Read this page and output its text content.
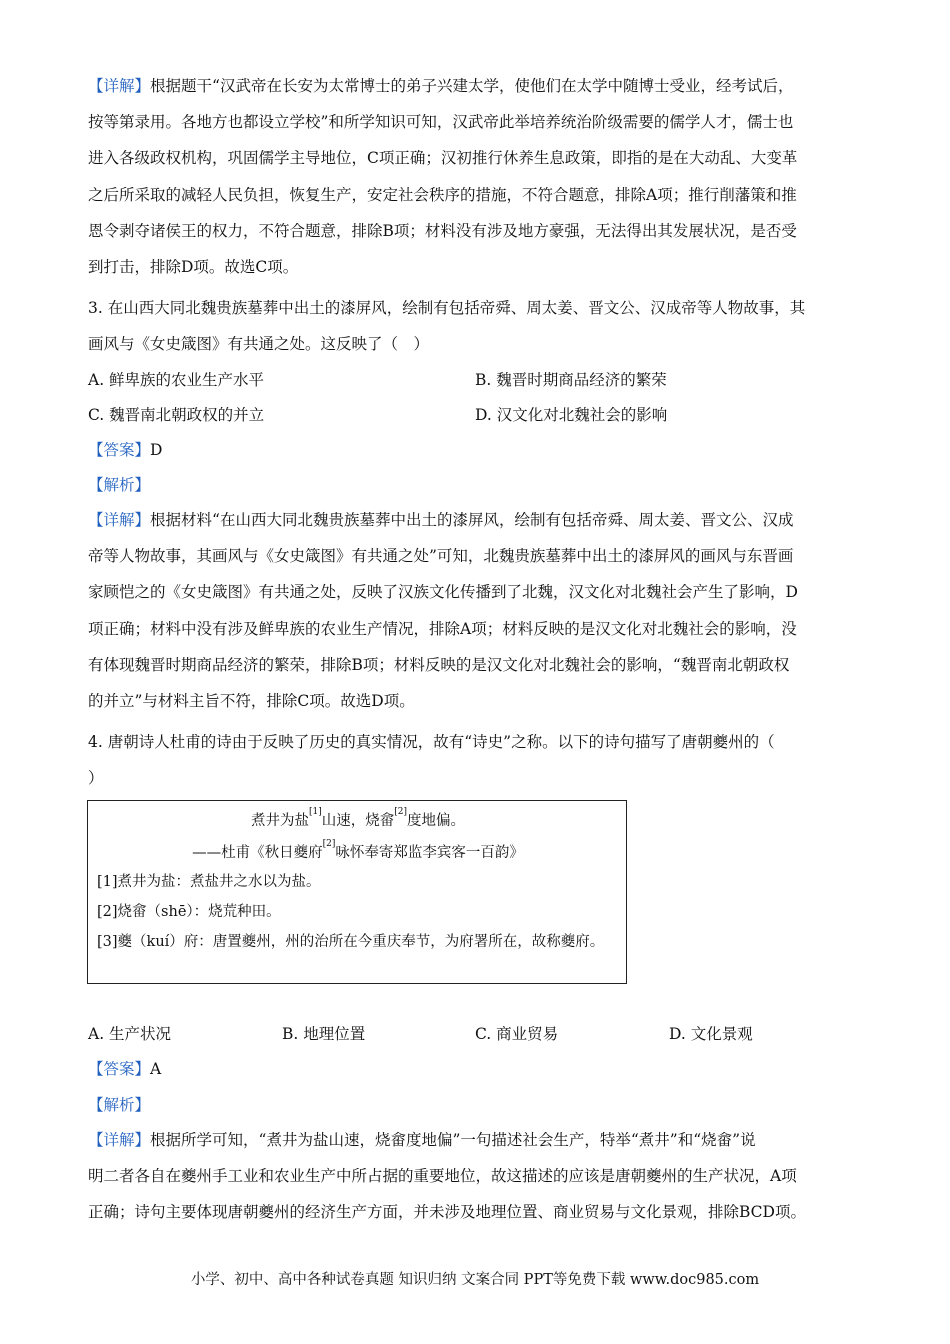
【详解】根据题干“汉武帝在长安为太常博士的弟子兴建太学，使他们在太学中随博士受业，经考试后，
按等第录用。各地方也都设立学校”和所学知识可知，汉武帝此举培养统治阶级需要的儒学人才，儒士也
进入各级政权机构，巩固儒学主导地位，C项正确；汉初推行休养生息政策，即指的是在大动乱、大变革
之后所采取的减轻人民负担，恢复生产，安定社会秩序的措施，不符合题意，排除A项；推行削藩策和推
恩令剥夺诸侯王的权力，不符合题意，排除B项；材料没有涉及地方豪强，无法得出其发展状况，是否受
到打击，排除D项。故选C项。
3. 在山西大同北魏贵族墓葬中出土的漆屏风，绘制有包括帝舜、周太姜、晋文公、汉成帝等人物故事，其
画风与《女史箴图》有共通之处。这反映了（　）
A. 鲜卑族的农业生产水平	B. 魏晋时期商品经济的繁荣
C. 魏晋南北朝政权的并立	D. 汉文化对北魏社会的影响
【答案】D
【解析】
【详解】根据材料“在山西大同北魏贵族墓葬中出土的漆屏风，绘制有包括帝舜、周太姜、晋文公、汉成
帝等人物故事，其画风与《女史箴图》有共通之处”可知，北魏贵族墓葬中出土的漆屏风的画风与东晋画
家顾恺之的《女史箴图》有共通之处，反映了汉族文化传播到了北魏，汉文化对北魏社会产生了影响，D
项正确；材料中没有涉及鲜卑族的农业生产情况，排除A项；材料反映的是汉文化对北魏社会的影响，没
有体现魏晋时期商品经济的繁荣，排除B项；材料反映的是汉文化对北魏社会的影响，“魏晋南北朝政权
的并立”与材料主旨不符，排除C项。故选D项。
4. 唐朝诗人杜甫的诗由于反映了历史的真实情况，故有“诗史”之称。以下的诗句描写了唐朝夔州的（
）
煮井为盐[1]山速，烧畲[2]度地偏。
——杜甫《秋日夔府[2]咏怀奉寄郑监李宾客一百韵》
[1]煮井为盐：煮盐井之水以为盐。
[2]烧畲（shē）：烧荒种田。
[3]夔（kuí）府：唐置夔州，州的治所在今重庆奉节，为府署所在，故称夔府。
A. 生产状况	B. 地理位置	C. 商业贸易	D. 文化景观
【答案】A
【解析】
【详解】根据所学可知，“煮井为盐山速，烧畲度地偏”一句描述社会生产，特举“煮井”和“烧畲”说
明二者各自在夔州手工业和农业生产中所占据的重要地位，故这描述的应该是唐朝夔州的生产状况，A项
正确；诗句主要体现唐朝夔州的经济生产方面，并未涉及地理位置、商业贸易与文化景观，排除BCD项。
小学、初中、高中各种试卷真题 知识归纳 文案合同 PPT等免费下载 www.doc985.com
